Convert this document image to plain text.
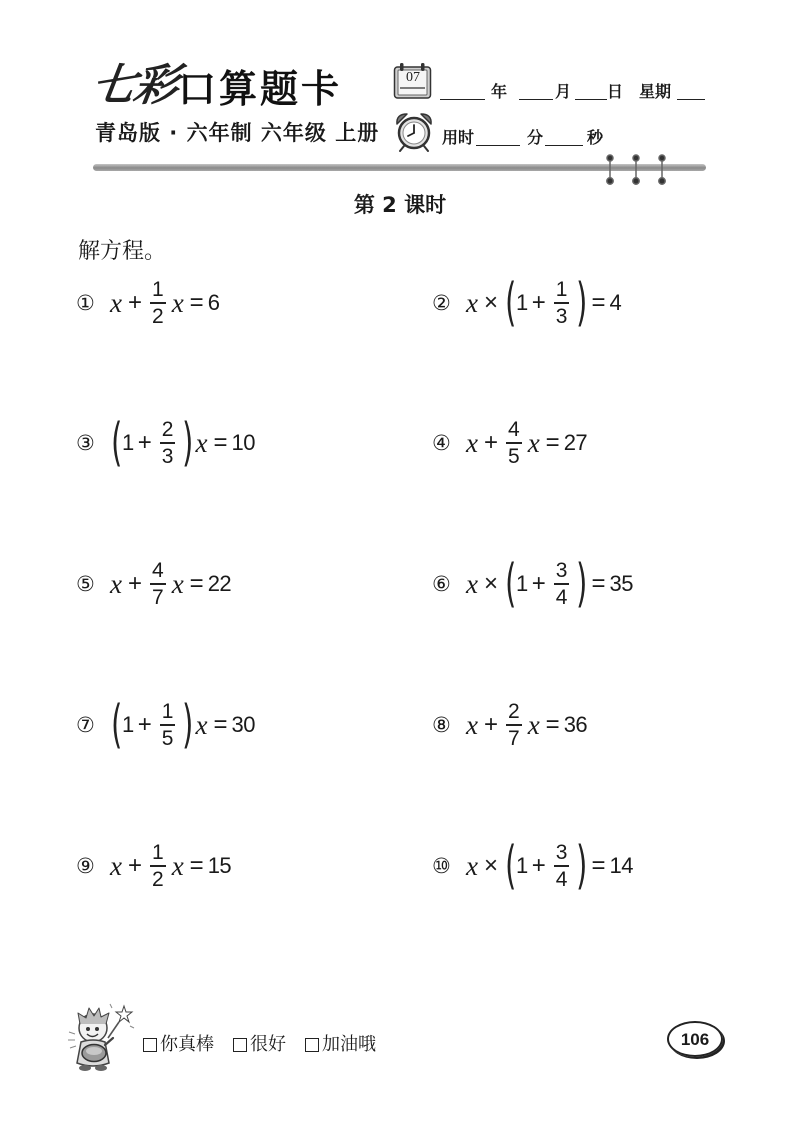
七彩
口算题卡
青岛版 · 六年制 六年级 上册
07
年	月 日 星期
用时	分	秒
第 2 课时
解方程。
① $x + \frac{1}{2}$ x = 6	② x × ( $1 + \frac{1}{3}$ ) = 4
③ ( $1 + \frac{2}{3}$ ) x = 10	④ $x + \frac{4}{5}$ x = 27
⑤ $x + \frac{4}{7}$ x = 22	⑥ x × ( $1 + \frac{3}{4}$ ) = 35
⑦ ( $1 + \frac{1}{5}$ ) x = 30	⑧ $x + \frac{2}{7}$ x = 36
⑨ $x + \frac{1}{2}$ x = 15	⑩ x × ( $1 + \frac{3}{4}$ ) = 14
你真棒 很好 加油哦	106
